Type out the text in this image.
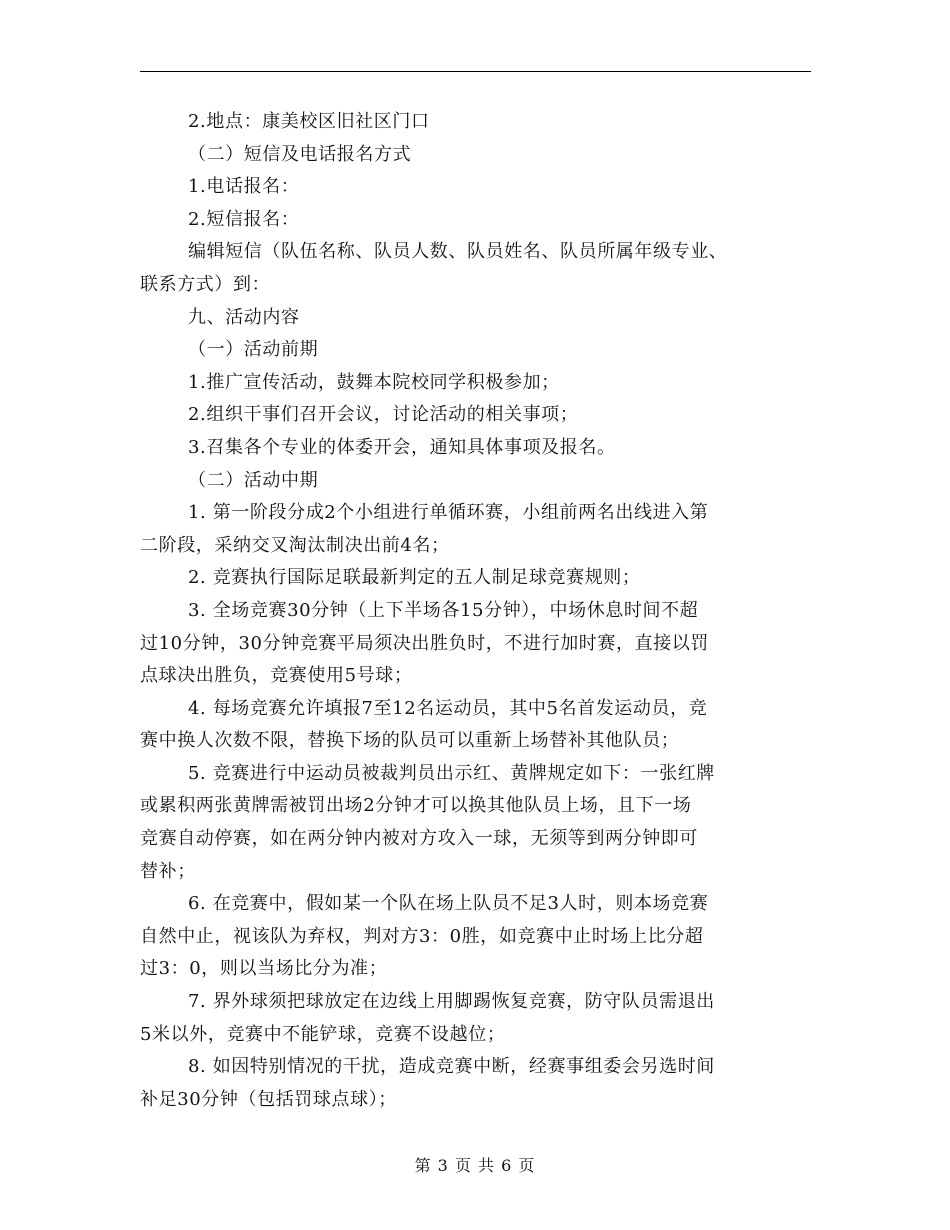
2.地点：康美校区旧社区门口
（二）短信及电话报名方式
1.电话报名：
2.短信报名：
编辑短信（队伍名称、队员人数、队员姓名、队员所属年级专业、
联系方式）到：
九、活动内容
（一）活动前期
1.推广宣传活动，鼓舞本院校同学积极参加；
2.组织干事们召开会议，讨论活动的相关事项；
3.召集各个专业的体委开会，通知具体事项及报名。
（二）活动中期
1. 第一阶段分成2个小组进行单循环赛，小组前两名出线进入第
二阶段，采纳交叉淘汰制决出前4名；
2. 竞赛执行国际足联最新判定的五人制足球竞赛规则；
3. 全场竞赛30分钟（上下半场各15分钟），中场休息时间不超
过10分钟，30分钟竞赛平局须决出胜负时，不进行加时赛，直接以罚
点球决出胜负，竞赛使用5号球；
4. 每场竞赛允许填报7至12名运动员，其中5名首发运动员，竞
赛中换人次数不限，替换下场的队员可以重新上场替补其他队员；
5. 竞赛进行中运动员被裁判员出示红、黄牌规定如下：一张红牌
或累积两张黄牌需被罚出场2分钟才可以换其他队员上场，且下一场
竞赛自动停赛，如在两分钟内被对方攻入一球，无须等到两分钟即可
替补；
6. 在竞赛中，假如某一个队在场上队员不足3人时，则本场竞赛
自然中止，视该队为弃权，判对方3：0胜，如竞赛中止时场上比分超
过3：0，则以当场比分为准；
7. 界外球须把球放定在边线上用脚踢恢复竞赛，防守队员需退出
5米以外，竞赛中不能铲球，竞赛不设越位；
8. 如因特别情况的干扰，造成竞赛中断，经赛事组委会另选时间
补足30分钟（包括罚球点球）；
第 3 页 共 6 页
